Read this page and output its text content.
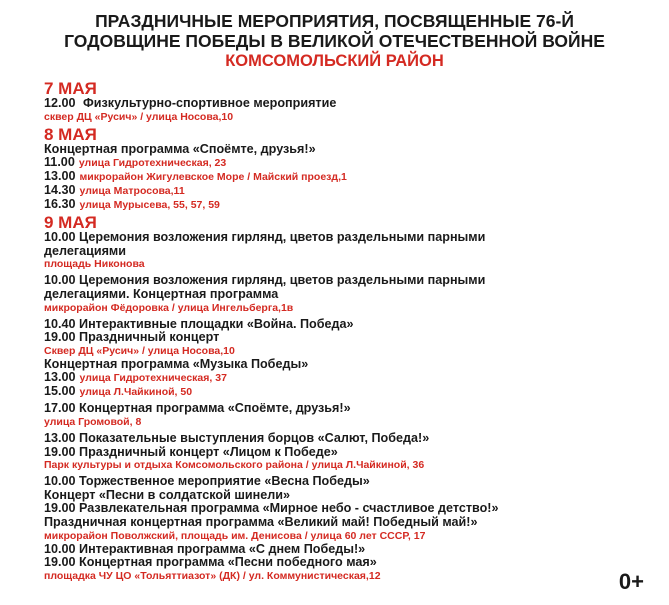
ПРАЗДНИЧНЫЕ МЕРОПРИЯТИЯ, ПОСВЯЩЕННЫЕ 76-Й
ГОДОВЩИНЕ ПОБЕДЫ В ВЕЛИКОЙ ОТЕЧЕСТВЕННОЙ ВОЙНЕ
КОМСОМОЛЬСКИЙ РАЙОН
7 МАЯ
12.00 Физкультурно-спортивное мероприятие
сквер ДЦ «Русич» / улица Носова,10
8 МАЯ
Концертная программа «Споёмте, друзья!»
11.00 улица Гидротехническая, 23
13.00 микрорайон Жигулевское Море / Майский проезд,1
14.30 улица Матросова,11
16.30 улица Мурысева, 55, 57, 59
9 МАЯ
10.00 Церемония возложения гирлянд, цветов раздельными парными
делегациями
площадь Никонова
10.00 Церемония возложения гирлянд, цветов раздельными парными
делегациями. Концертная программа
микрорайон Фёдоровка / улица Ингельберга,1в
10.40 Интерактивные площадки «Война. Победа»
19.00 Праздничный концерт
Сквер ДЦ «Русич» / улица Носова,10
Концертная программа «Музыка Победы»
13.00 улица Гидротехническая, 37
15.00 улица Л.Чайкиной, 50
17.00 Концертная программа «Споёмте, друзья!»
улица Громовой, 8
13.00 Показательные выступления борцов «Салют, Победа!»
19.00 Праздничный концерт «Лицом к Победе»
Парк культуры и отдыха Комсомольского района / улица Л.Чайкиной, 36
10.00 Торжественное мероприятие «Весна Победы»
Концерт «Песни в солдатской шинели»
19.00 Развлекательная программа «Мирное небо - счастливое детство!»
Праздничная концертная программа «Великий май! Победный май!»
микрорайон Поволжский, площадь им. Денисова / улица 60 лет СССР, 17
10.00 Интерактивная программа «С днем Победы!»
19.00 Концертная программа «Песни победного мая»
площадка ЧУ ЦО «Тольяттиазот» (ДК) / ул. Коммунистическая,12	0+
